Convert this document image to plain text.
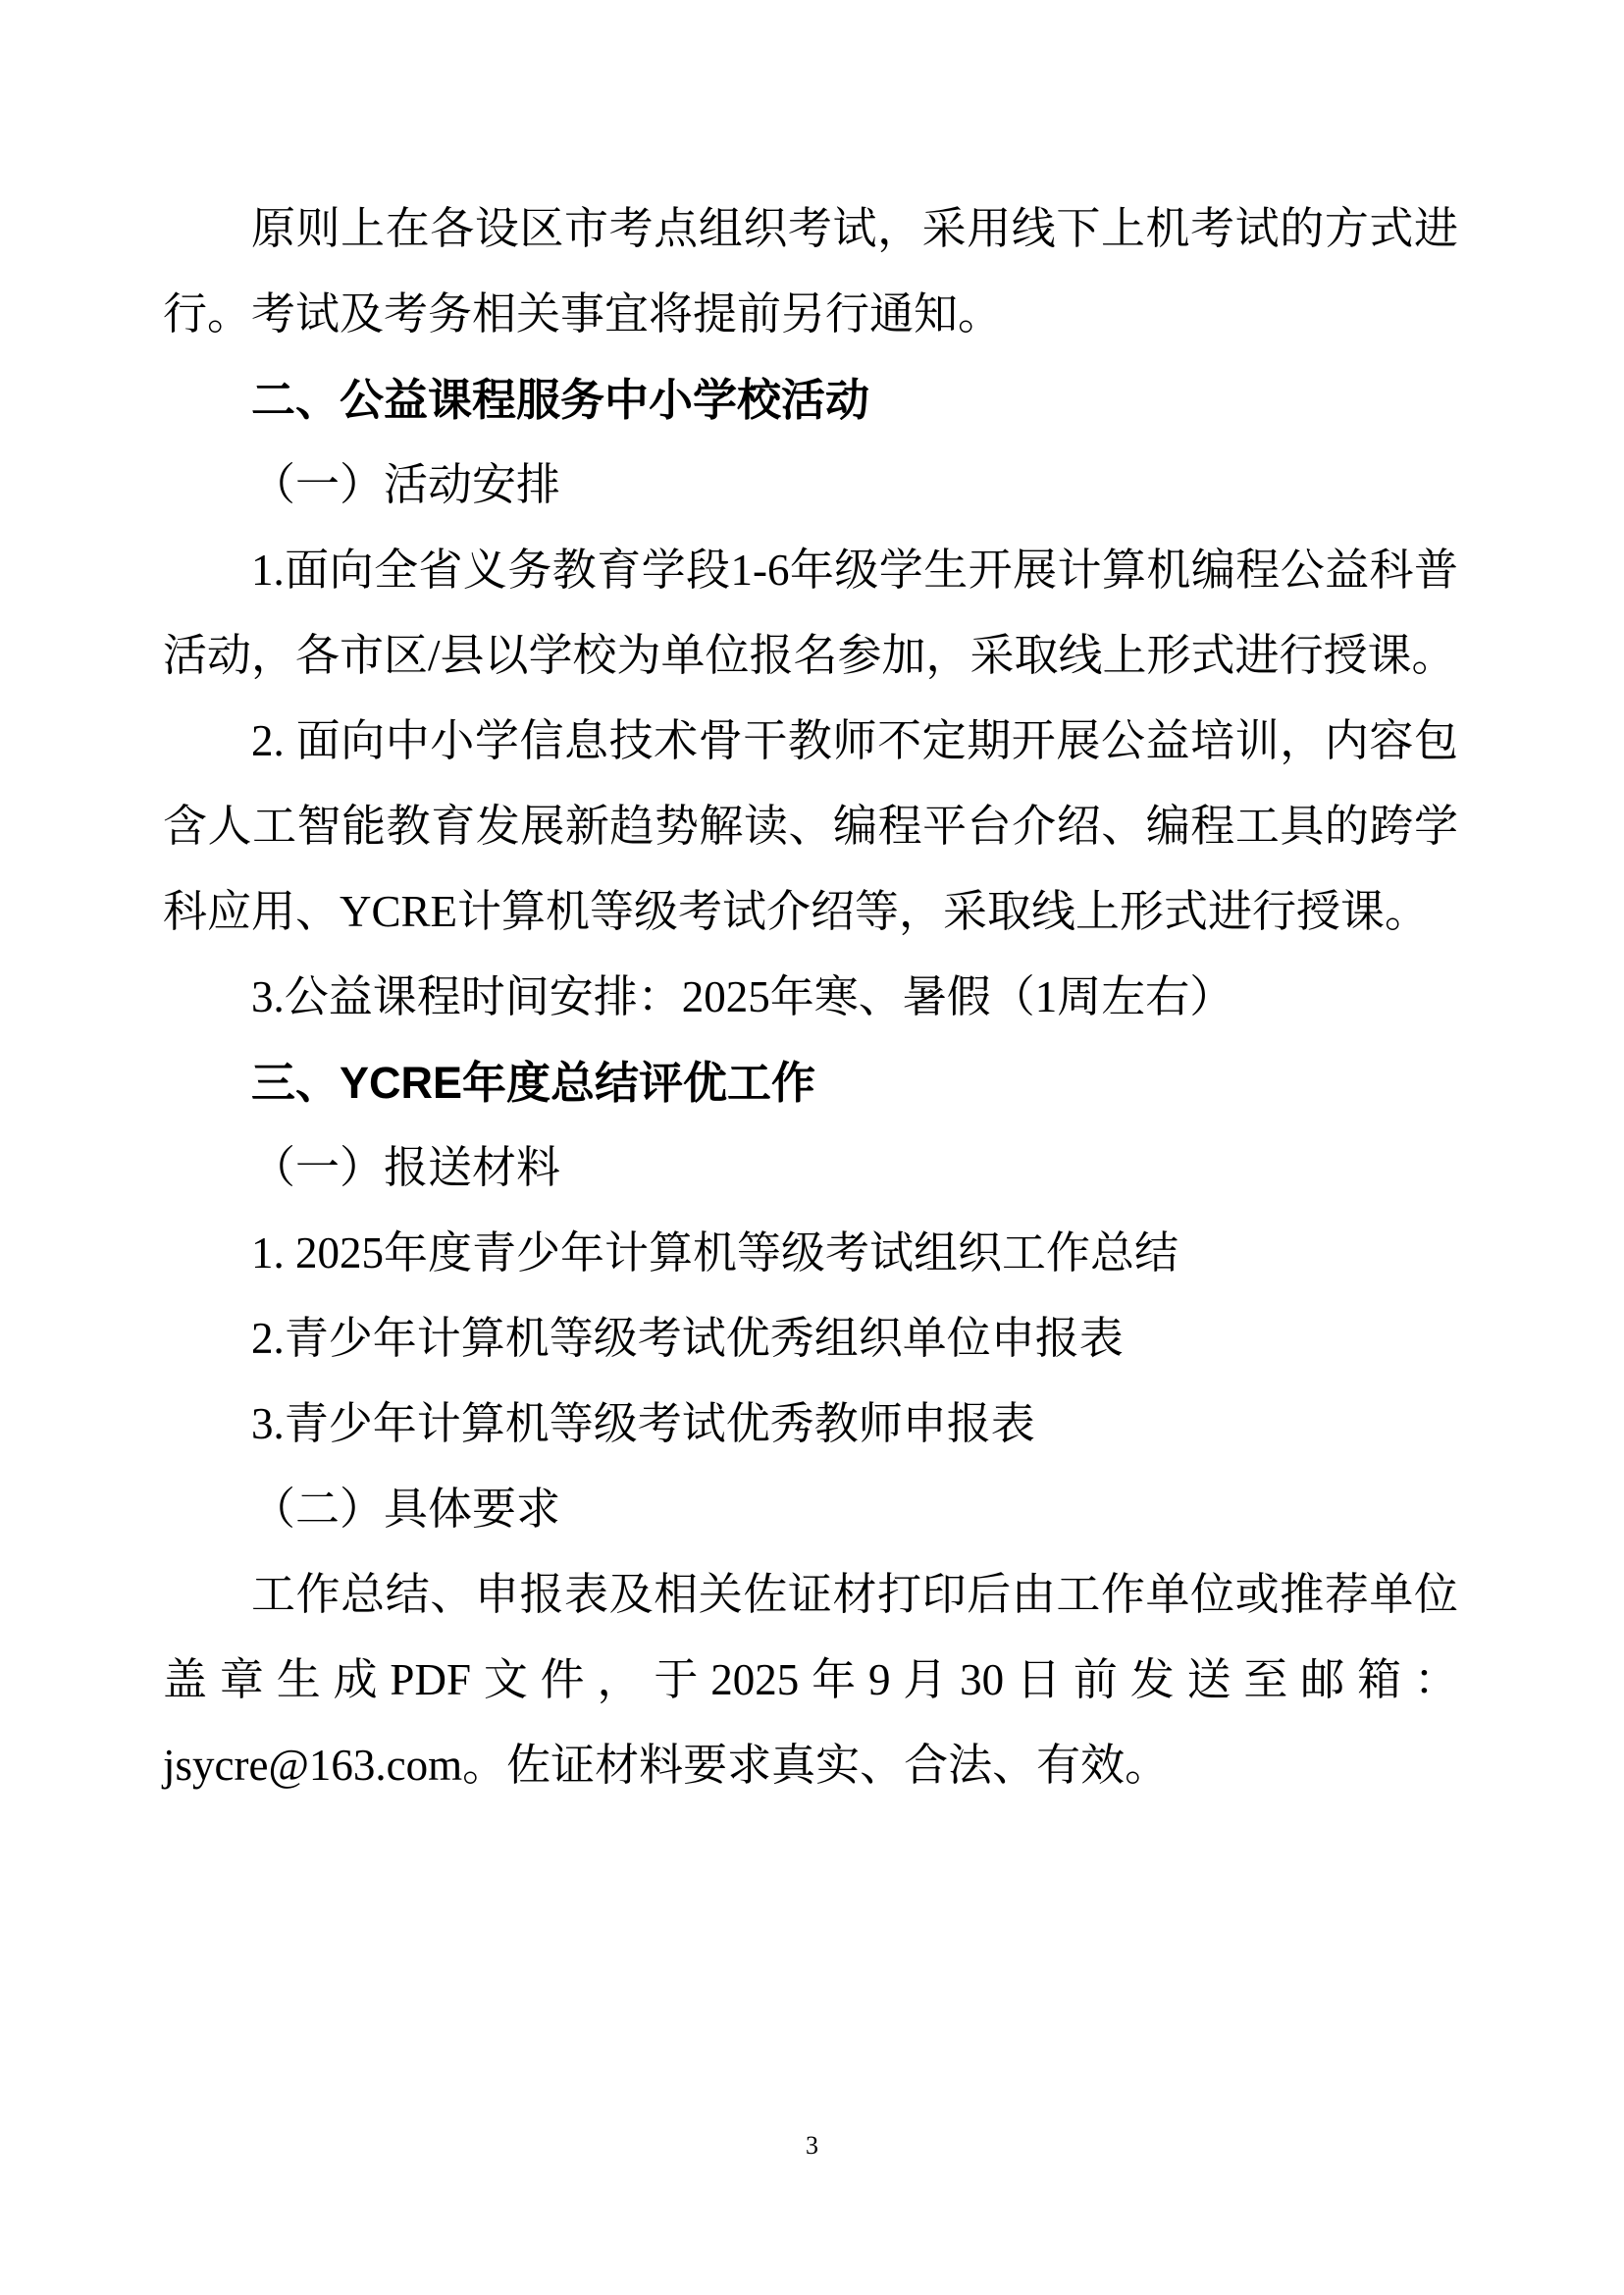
原则上在各设区市考点组织考试，采用线下上机考试的方式进行。考试及考务相关事宜将提前另行通知。

二、公益课程服务中小学校活动

（一）活动安排

1.面向全省义务教育学段1-6年级学生开展计算机编程公益科普活动，各市区/县以学校为单位报名参加，采取线上形式进行授课。

2. 面向中小学信息技术骨干教师不定期开展公益培训，内容包含人工智能教育发展新趋势解读、编程平台介绍、编程工具的跨学科应用、YCRE计算机等级考试介绍等，采取线上形式进行授课。

3.公益课程时间安排：2025年寒、暑假（1周左右）

三、YCRE年度总结评优工作

（一）报送材料

1. 2025年度青少年计算机等级考试组织工作总结

2.青少年计算机等级考试优秀组织单位申报表

3.青少年计算机等级考试优秀教师申报表

（二）具体要求

工作总结、申报表及相关佐证材打印后由工作单位或推荐单位盖章生成PDF文件，于2025年9月30日前发送至邮箱：

jsycre@163.com。佐证材料要求真实、合法、有效。

3
